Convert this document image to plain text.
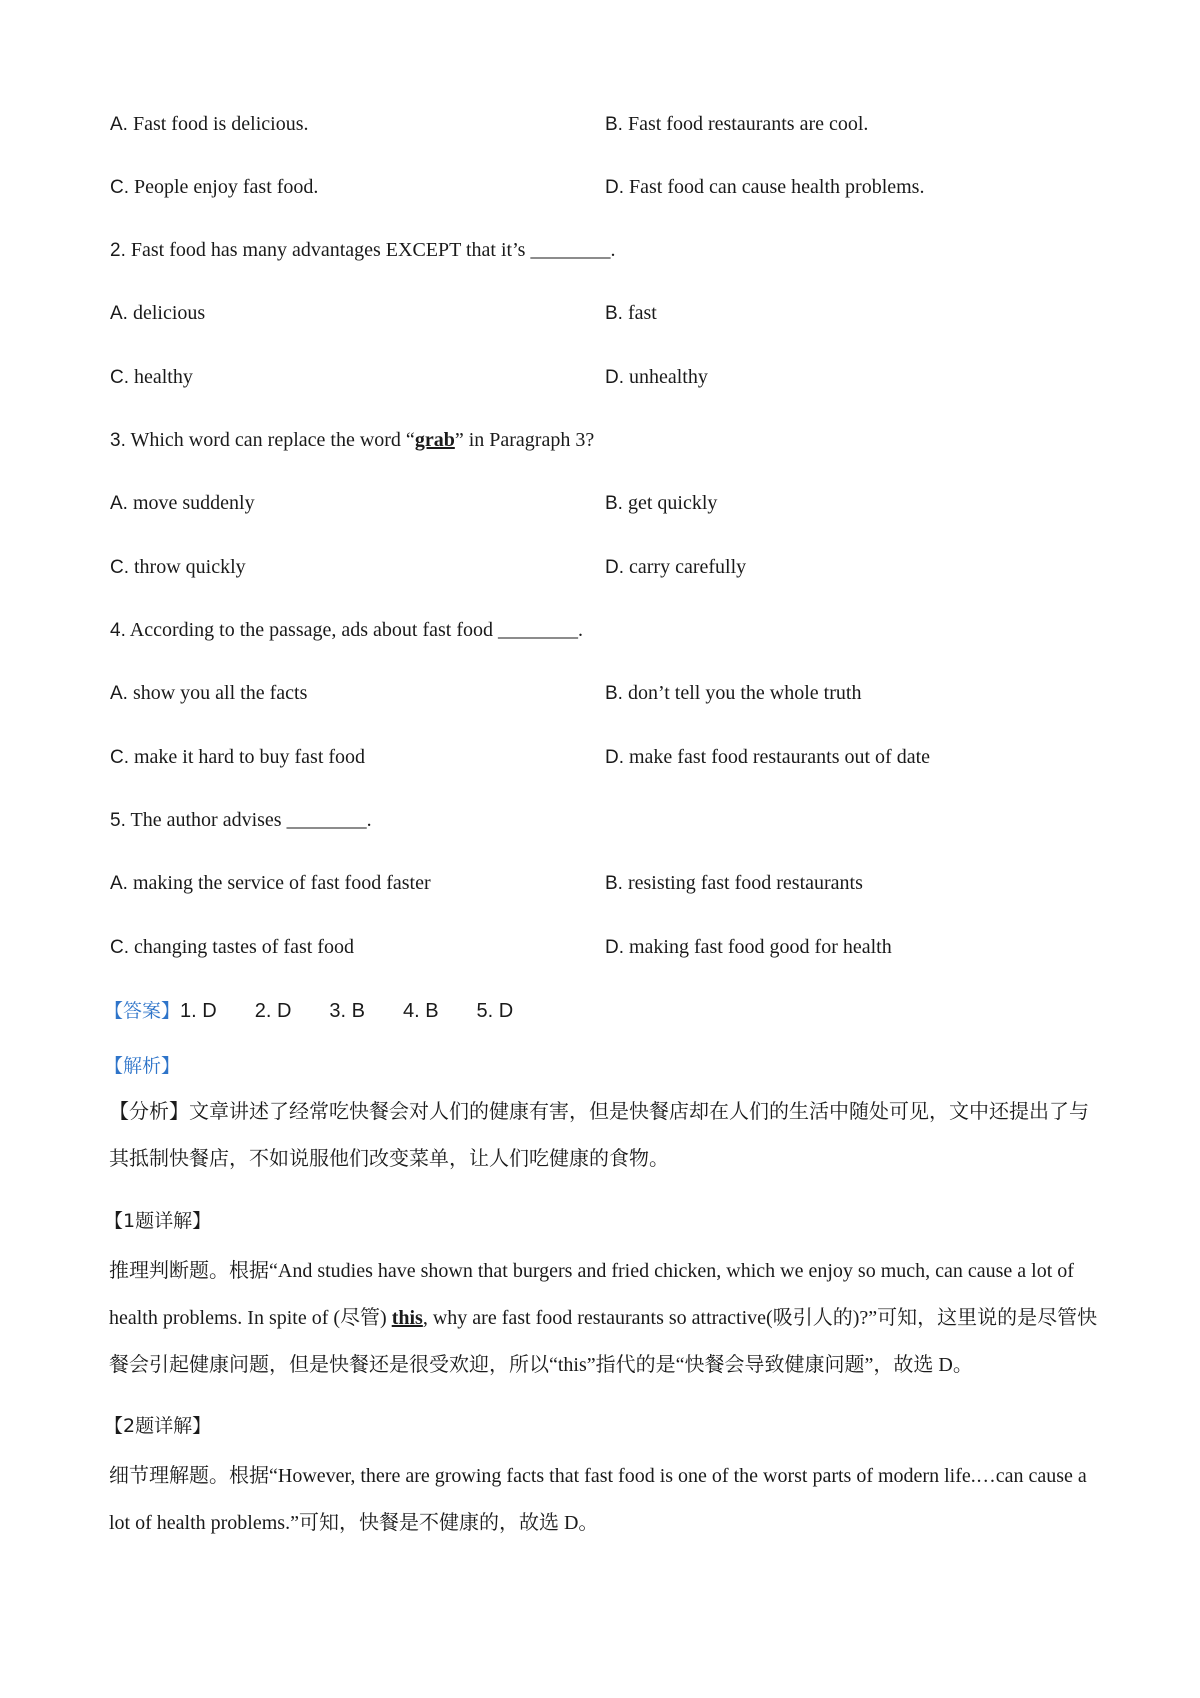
A. Fast food is delicious.	B. Fast food restaurants are cool.
C. People enjoy fast food.	D. Fast food can cause health problems.
2. Fast food has many advantages EXCEPT that it’s ________.
A. delicious	B. fast
C. healthy	D. unhealthy
3. Which word can replace the word “grab” in Paragraph 3?
A. move suddenly	B. get quickly
C. throw quickly	D. carry carefully
4. According to the passage, ads about fast food ________.
A. show you all the facts	B. don’t tell you the whole truth
C. make it hard to buy fast food	D. make fast food restaurants out of date
5. The author advises ________.
A. making the service of fast food faster	B. resisting fast food restaurants
C. changing tastes of fast food	D. making fast food good for health
【答案】1. D 2. D 3. B 4. B 5. D
【解析】
【分析】文章讲述了经常吃快餐会对人们的健康有害，但是快餐店却在人们的生活中随处可见，文中还提出了与其抵制快餐店，不如说服他们改变菜单，让人们吃健康的食物。
【1题详解】
推理判断题。根据“And studies have shown that burgers and fried chicken, which we enjoy so much, can cause a lot of health problems. In spite of (尽管) this, why are fast food restaurants so attractive(吸引人的)?”可知，这里说的是尽管快餐会引起健康问题，但是快餐还是很受欢迎，所以“this”指代的是“快餐会导致健康问题”，故选 D。
【2题详解】
细节理解题。根据“However, there are growing facts that fast food is one of the worst parts of modern life.…can cause a lot of health problems.”可知，快餐是不健康的，故选 D。
